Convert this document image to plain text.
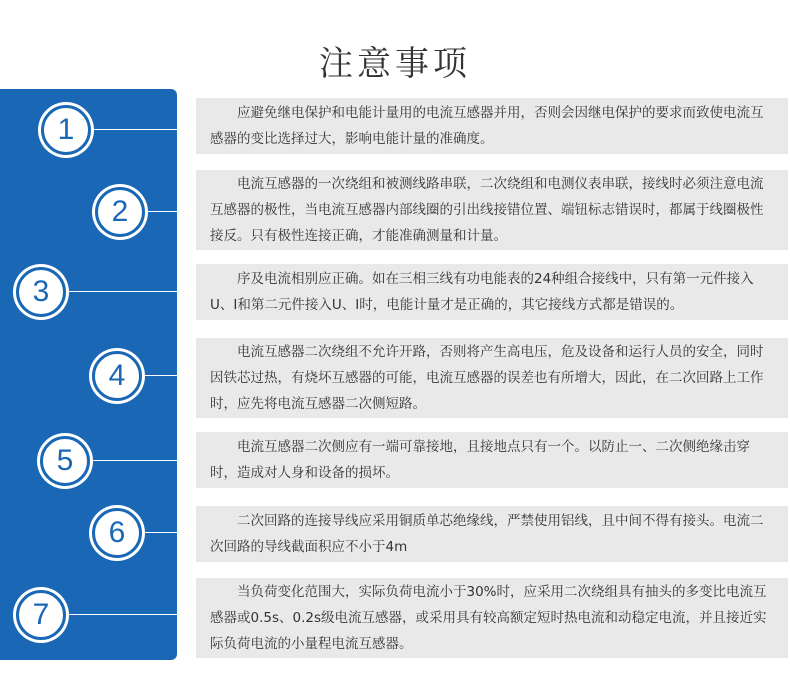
注意事项
应避免继电保护和电能计量用的电流互感器并用，否则会因继电保护的要求而致使电流互感器的变比选择过大，影响电能计量的准确度。
1
电流互感器的一次绕组和被测线路串联，二次绕组和电测仪表串联，接线时必须注意电流互感器的极性，当电流互感器内部线圈的引出线接错位置、端钮标志错误时，都属于线圈极性接反。只有极性连接正确，才能准确测量和计量。
2
序及电流相别应正确。如在三相三线有功电能表的24种组合接线中，只有第一元件接入U、I和第二元件接入U、I时，电能计量才是正确的，其它接线方式都是错误的。
3
电流互感器二次绕组不允许开路，否则将产生高电压，危及设备和运行人员的安全，同时因铁芯过热，有烧坏互感器的可能，电流互感器的误差也有所增大，因此，在二次回路上工作时，应先将电流互感器二次侧短路。
4
电流互感器二次侧应有一端可靠接地，且接地点只有一个。以防止一、二次侧绝缘击穿时，造成对人身和设备的损坏。
5
二次回路的连接导线应采用铜质单芯绝缘线，严禁使用铝线，且中间不得有接头。电流二次回路的导线截面积应不小于4m
6
当负荷变化范围大，实际负荷电流小于30%时，应采用二次绕组具有抽头的多变比电流互感器或0.5s、0.2s级电流互感器，或采用具有较高额定短时热电流和动稳定电流，并且接近实际负荷电流的小量程电流互感器。
7
